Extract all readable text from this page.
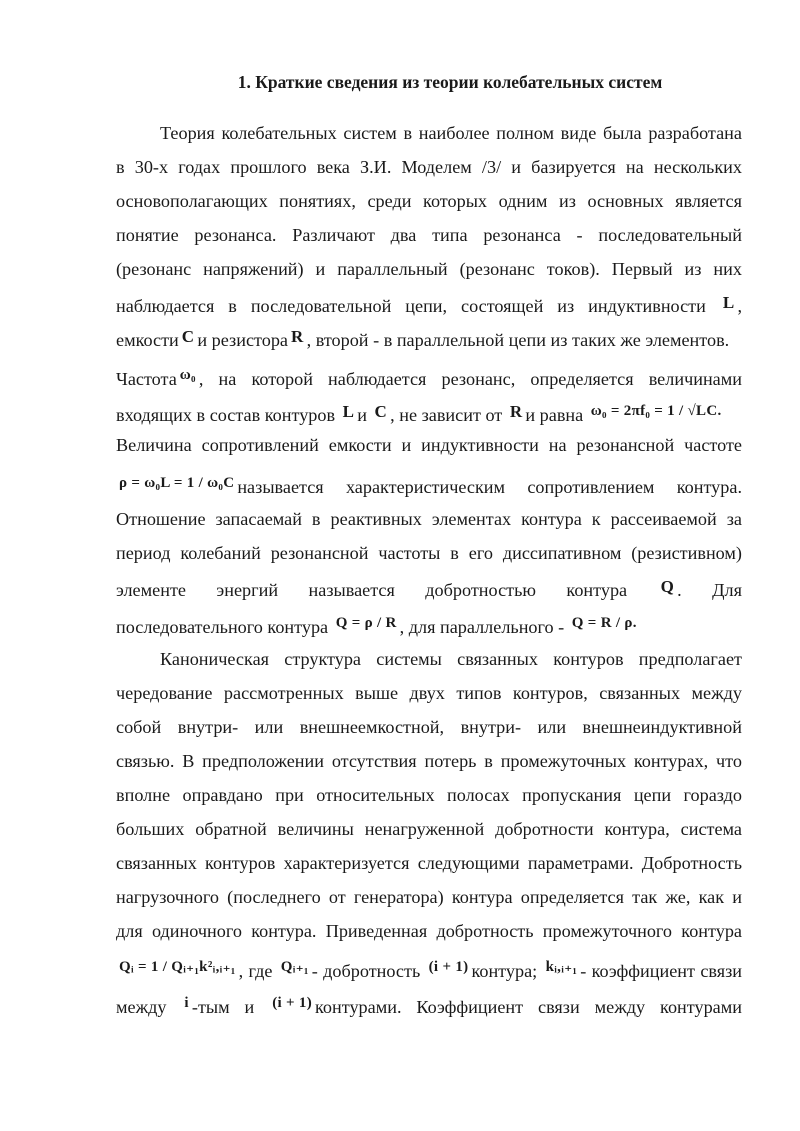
1. Краткие сведения из теории колебательных систем
Теория колебательных систем в наиболее полном виде была разработана
в 30-х годах прошлого века З.И. Моделем /3/ и базируется на нескольких
основополагающих понятиях, среди которых одним из основных является
понятие резонанса. Различают два типа резонанса - последовательный
(резонанс напряжений) и параллельный (резонанс токов). Первый из них
наблюдается в последовательной цепи, состоящей из индуктивности L ,
емкости C и резистора R , второй - в параллельной цепи из таких же элементов.
Частота ω₀ , на которой наблюдается резонанс, определяется величинами
входящих в состав контуров L и C , не зависит от R и равна ω₀ = 2πf₀ = 1 / √LC.
Величина сопротивлений емкости и индуктивности на резонансной частоте
ρ = ω₀L = 1 / ω₀C называется характеристическим сопротивлением контура.
Отношение запасаемай в реактивных элементах контура к рассеиваемой за
период колебаний резонансной частоты в его диссипативном (резистивном)
элементе энергий называется добротностью контура Q . Для
последовательного контура Q = ρ / R , для параллельного - Q = R / ρ.
Каноническая структура системы связанных контуров предполагает
чередование рассмотренных выше двух типов контуров, связанных между
собой внутри- или внешнеемкостной, внутри- или внешнеиндуктивной
связью. В предположении отсутствия потерь в промежуточных контурах, что
вполне оправдано при относительных полосах пропускания цепи гораздо
больших обратной величины ненагруженной добротности контура, система
связанных контуров характеризуется следующими параметрами. Добротность
нагрузочного (последнего от генератора) контура определяется так же, как и
для одиночного контура. Приведенная добротность промежуточного контура
Qᵢ = 1 / Qᵢ₊₁k²ᵢ,ᵢ₊₁ , где Qᵢ₊₁ - добротность (i + 1) контура; kᵢ,ᵢ₊₁ - коэффициент связи
между i -тым и (i + 1) контурами. Коэффициент связи между контурами
